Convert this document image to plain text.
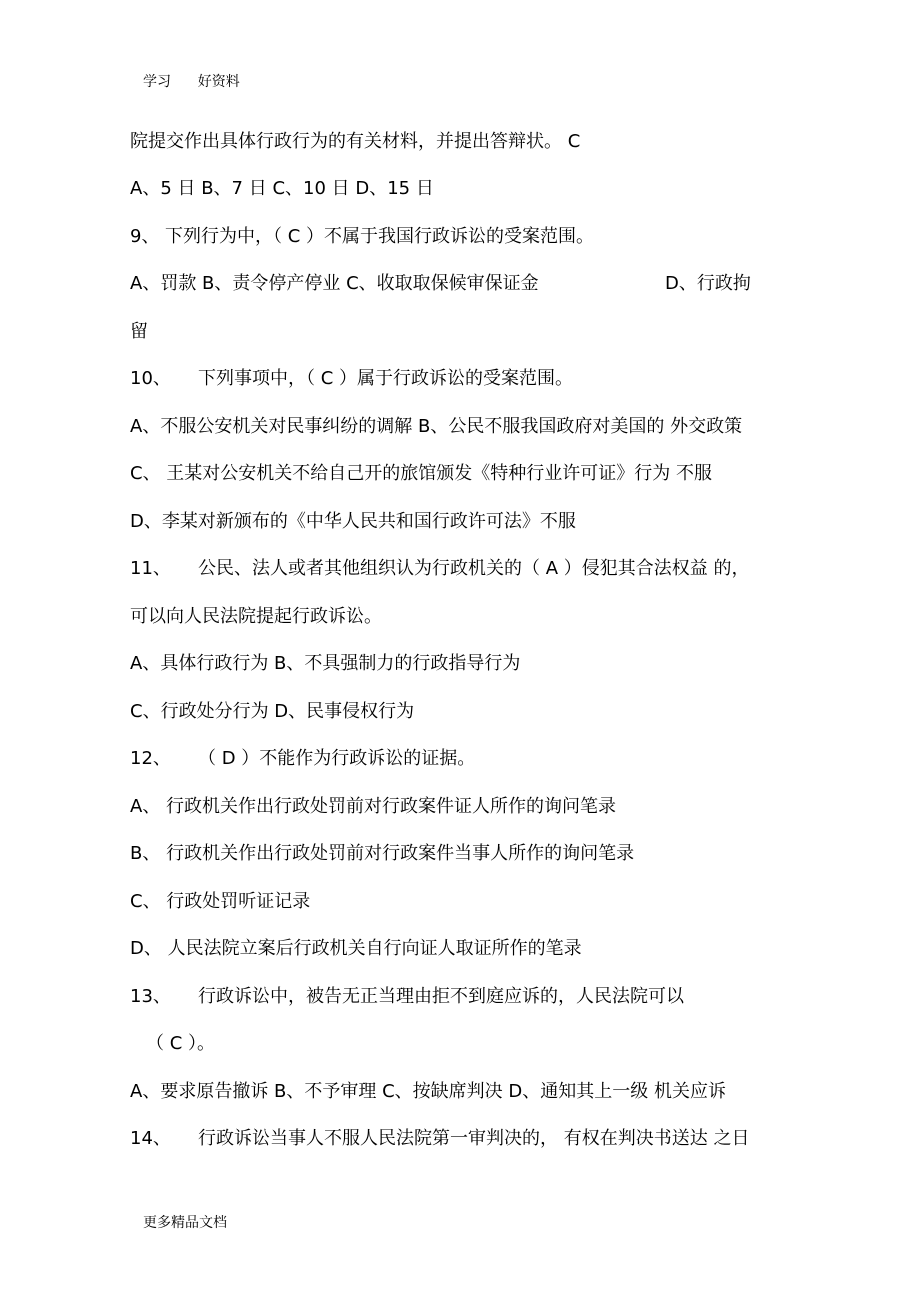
学习 好资料
院提交作出具体行政行为的有关材料，并提出答辩状。 C
A、5 日 B、7 日 C、10 日 D、15 日
9、 下列行为中，（ C ）不属于我国行政诉讼的受案范围。
A、罚款 B、责令停产停业 C、收取取保候审保证金	D、行政拘
留
10、 下列事项中，（ C ）属于行政诉讼的受案范围。
A、不服公安机关对民事纠纷的调解 B、公民不服我国政府对美国的 外交政策
C、 王某对公安机关不给自己开的旅馆颁发《特种行业许可证》行为 不服
D、李某对新颁布的《中华人民共和国行政许可法》不服
11、 公民、法人或者其他组织认为行政机关的（ A ）侵犯其合法权益 的，
可以向人民法院提起行政诉讼。
A、具体行政行为 B、不具强制力的行政指导行为
C、行政处分行为 D、民事侵权行为
12、 （ D ）不能作为行政诉讼的证据。
A、 行政机关作出行政处罚前对行政案件证人所作的询问笔录
B、 行政机关作出行政处罚前对行政案件当事人所作的询问笔录
C、 行政处罚听证记录
D、 人民法院立案后行政机关自行向证人取证所作的笔录
13、 行政诉讼中，被告无正当理由拒不到庭应诉的，人民法院可以
（ C ）。
A、要求原告撤诉 B、不予审理 C、按缺席判决 D、通知其上一级 机关应诉
14、 行政诉讼当事人不服人民法院第一审判决的， 有权在判决书送达 之日
更多精品文档
